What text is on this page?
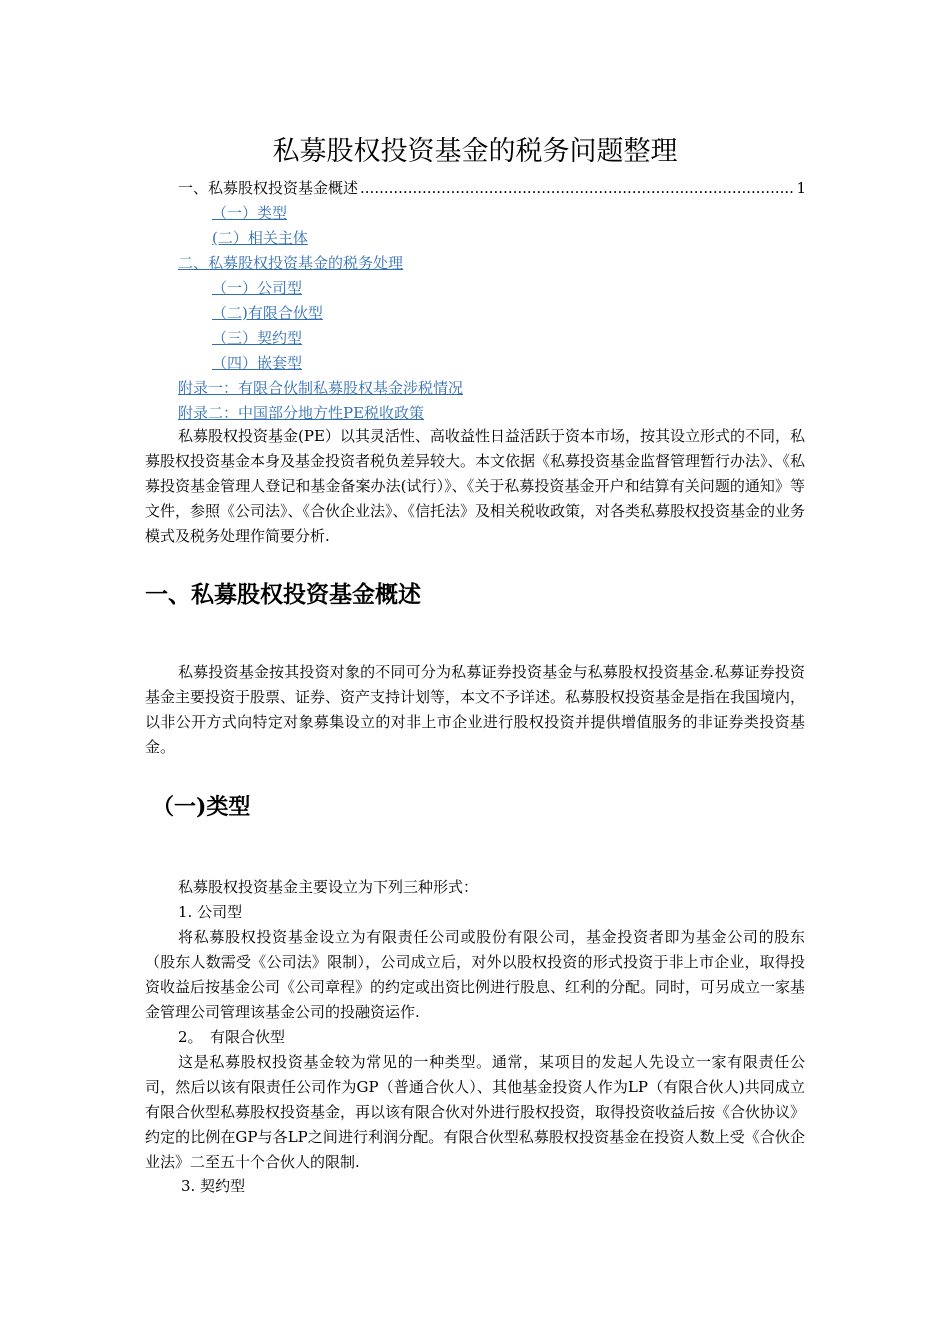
私募股权投资基金的税务问题整理
一、私募股权投资基金概述
.....	1
（一）类型
(二）相关主体
二、私募股权投资基金的税务处理
（一）公司型
（二)有限合伙型
（三）契约型
（四）嵌套型
附录一：有限合伙制私募股权基金涉税情况
附录二：中国部分地方性PE税收政策

私募股权投资基金(PE）以其灵活性、高收益性日益活跃于资本市场，按其设立形式的不同，私募股权投资基金本身及基金投资者税负差异较大。本文依据《私募投资基金监督管理暂行办法》、《私募投资基金管理人登记和基金备案办法(试行）》、《关于私募投资基金开户和结算有关问题的通知》等文件，参照《公司法》、《合伙企业法》、《信托法》及相关税收政策，对各类私募股权投资基金的业务模式及税务处理作简要分析.

一、私募股权投资基金概述

私募投资基金按其投资对象的不同可分为私募证券投资基金与私募股权投资基金.私募证券投资基金主要投资于股票、证券、资产支持计划等，本文不予详述。私募股权投资基金是指在我国境内，以非公开方式向特定对象募集设立的对非上市企业进行股权投资并提供增值服务的非证券类投资基金。

（一)类型

私募股权投资基金主要设立为下列三种形式：

1. 公司型

将私募股权投资基金设立为有限责任公司或股份有限公司，基金投资者即为基金公司的股东（股东人数需受《公司法》限制），公司成立后，对外以股权投资的形式投资于非上市企业，取得投资收益后按基金公司《公司章程》的约定或出资比例进行股息、红利的分配。同时，可另成立一家基金管理公司管理该基金公司的投融资运作.

2。　有限合伙型

这是私募股权投资基金较为常见的一种类型。通常，某项目的发起人先设立一家有限责任公司，然后以该有限责任公司作为GP（普通合伙人）、其他基金投资人作为LP（有限合伙人)共同成立有限合伙型私募股权投资基金，再以该有限合伙对外进行股权投资，取得投资收益后按《合伙协议》约定的比例在GP与各LP之间进行利润分配。有限合伙型私募股权投资基金在投资人数上受《合伙企业法》二至五十个合伙人的限制.

3. 契约型
